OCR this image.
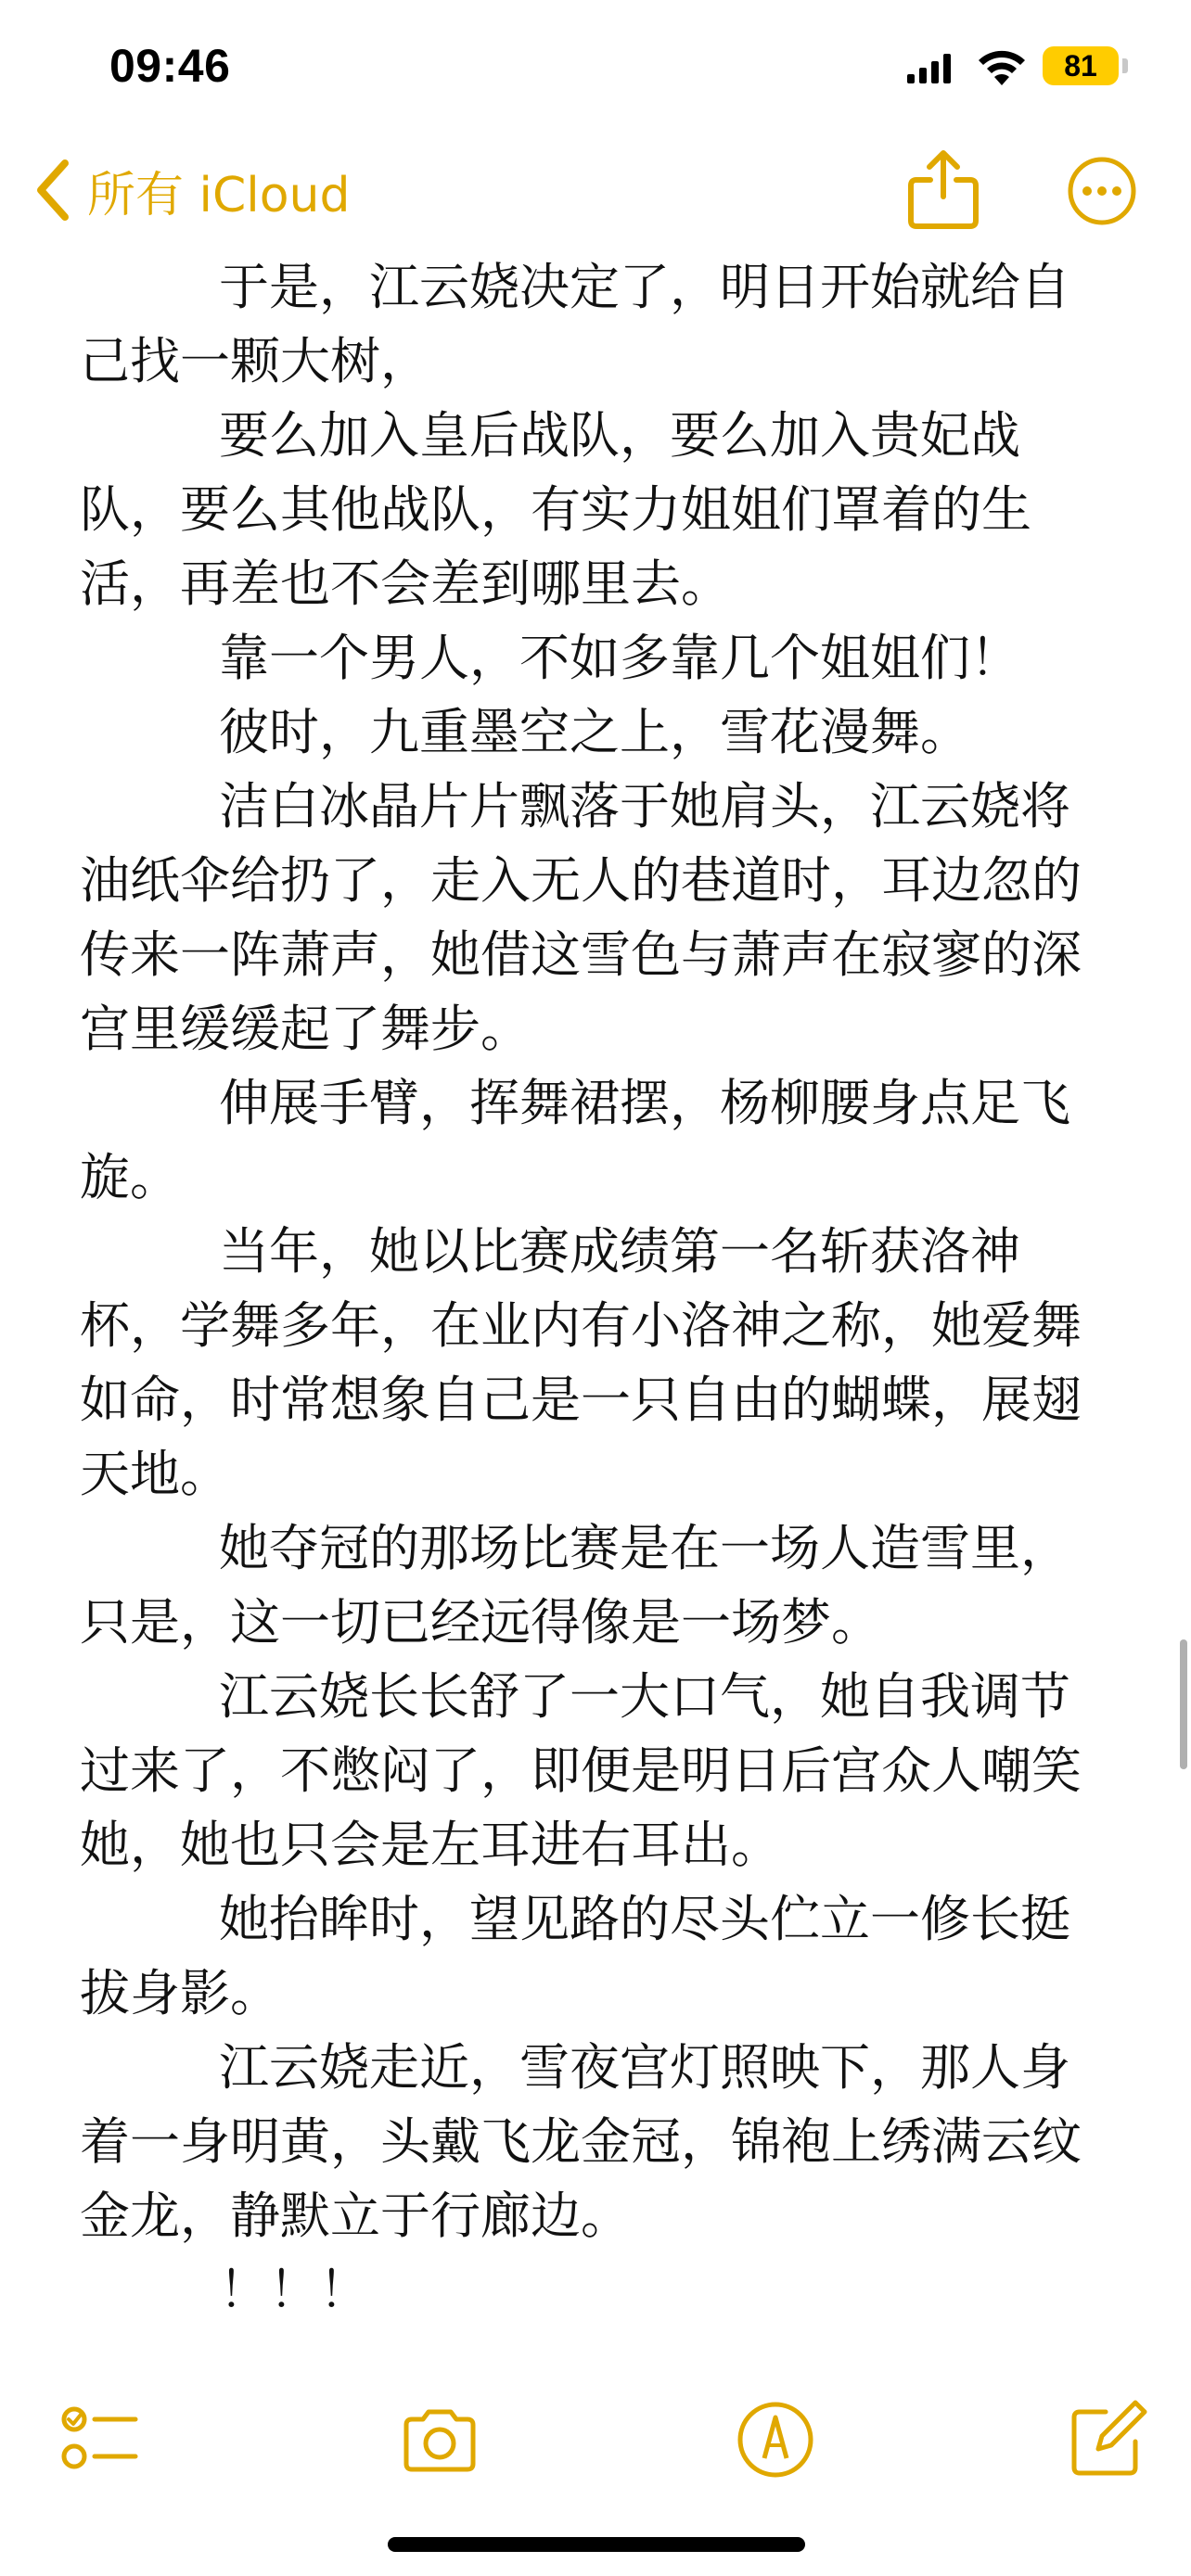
09:46	81
所有 iCloud

于是，江云娆决定了，明日开始就给自己找一颗大树，

要么加入皇后战队，要么加入贵妃战队，要么其他战队，有实力姐姐们罩着的生活，再差也不会差到哪里去。

靠一个男人，不如多靠几个姐姐们！

彼时，九重墨空之上，雪花漫舞。

洁白冰晶片片飘落于她肩头，江云娆将油纸伞给扔了，走入无人的巷道时，耳边忽的传来一阵萧声，她借这雪色与萧声在寂寥的深宫里缓缓起了舞步。

伸展手臂，挥舞裙摆，杨柳腰身点足飞旋。

当年，她以比赛成绩第一名斩获洛神杯，学舞多年，在业内有小洛神之称，她爱舞如命，时常想象自己是一只自由的蝴蝶，展翅天地。

她夺冠的那场比赛是在一场人造雪里，只是，这一切已经远得像是一场梦。

江云娆长长舒了一大口气，她自我调节过来了，不憋闷了，即便是明日后宫众人嘲笑她，她也只会是左耳进右耳出。

她抬眸时，望见路的尽头伫立一修长挺拔身影。

江云娆走近，雪夜宫灯照映下，那人身着一身明黄，头戴飞龙金冠，锦袍上绣满云纹金龙，静默立于行廊边。

！！！
